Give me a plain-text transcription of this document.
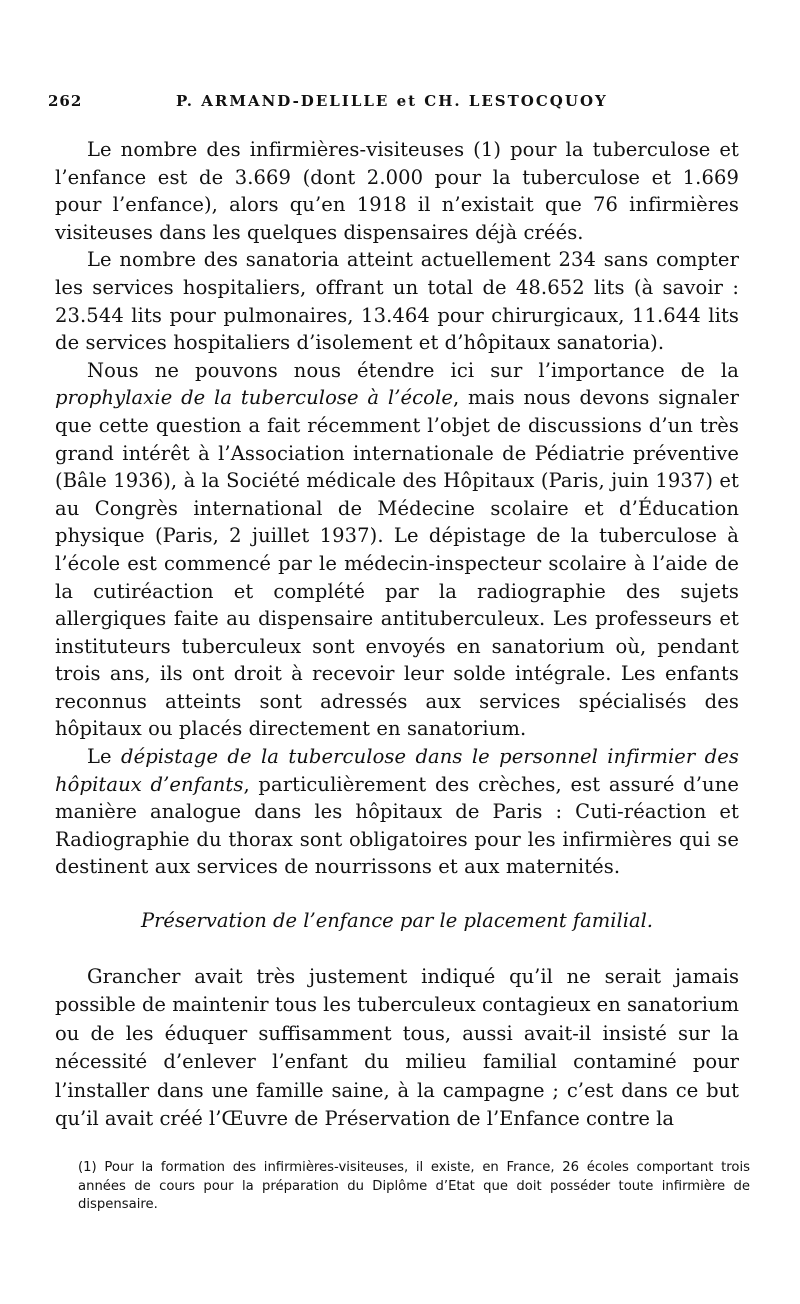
262	P. ARMAND-DELILLE et CH. LESTOCQUOY

Le nombre des infirmières-visiteuses (1) pour la tuberculose et l’enfance est de 3.669 (dont 2.000 pour la tuberculose et 1.669 pour l’enfance), alors qu’en 1918 il n’existait que 76 infirmières visiteuses dans les quelques dispensaires déjà créés.

Le nombre des sanatoria atteint actuellement 234 sans compter les services hospitaliers, offrant un total de 48.652 lits (à savoir : 23.544 lits pour pulmonaires, 13.464 pour chirurgicaux, 11.644 lits de services hospitaliers d’isolement et d’hôpitaux sanatoria).

Nous ne pouvons nous étendre ici sur l’importance de la prophylaxie de la tuberculose à l’école, mais nous devons signaler que cette question a fait récemment l’objet de discussions d’un très grand intérêt à l’Association internationale de Pédiatrie préventive (Bâle 1936), à la Société médicale des Hôpitaux (Paris, juin 1937) et au Congrès international de Médecine scolaire et d’Éducation physique (Paris, 2 juillet 1937). Le dépistage de la tuberculose à l’école est commencé par le médecin-inspecteur scolaire à l’aide de la cutiréaction et complété par la radiographie des sujets allergiques faite au dispensaire antituberculeux. Les professeurs et instituteurs tuberculeux sont envoyés en sanatorium où, pendant trois ans, ils ont droit à recevoir leur solde intégrale. Les enfants reconnus atteints sont adressés aux services spécialisés des hôpitaux ou placés directement en sanatorium.

Le dépistage de la tuberculose dans le personnel infirmier des hôpitaux d’enfants, particulièrement des crèches, est assuré d’une manière analogue dans les hôpitaux de Paris : Cuti-réaction et Radiographie du thorax sont obligatoires pour les infirmières qui se destinent aux services de nourrissons et aux maternités.

Préservation de l’enfance par le placement familial.

Grancher avait très justement indiqué qu’il ne serait jamais possible de maintenir tous les tuberculeux contagieux en sanatorium ou de les éduquer suffisamment tous, aussi avait-il insisté sur la nécessité d’enlever l’enfant du milieu familial contaminé pour l’installer dans une famille saine, à la campagne ; c’est dans ce but qu’il avait créé l’Œuvre de Préservation de l’Enfance contre la

(1) Pour la formation des infirmières-visiteuses, il existe, en France, 26 écoles comportant trois années de cours pour la préparation du Diplôme d’Etat que doit posséder toute infirmière de dispensaire.
